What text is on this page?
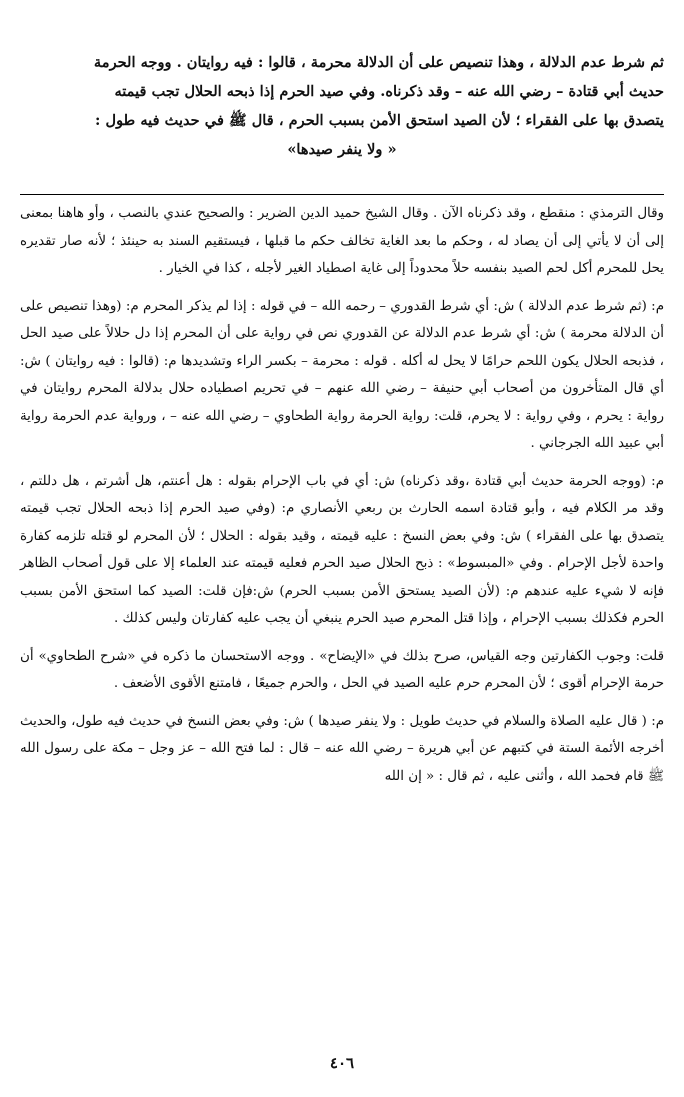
ثم شرط عدم الدلالة ، وهذا تنصيص على أن الدلالة محرمة ، قالوا : فيه روايتان . ووجه الحرمة
حديث أبي قتادة – رضي الله عنه – وقد ذكرناه. وفي صيد الحرم إذا ذبحه الحلال تجب قيمته
يتصدق بها على الفقراء ؛ لأن الصيد استحق الأمن بسبب الحرم ، قال ﷺ في حديث فيه طول :
« ولا ينفر صيدها»

وقال الترمذي : منقطع ، وقد ذكرناه الآن . وقال الشيخ حميد الدين الضرير : والصحيح عندي بالنصب ، وأو هاهنا بمعنى إلى أن لا يأتي إلى أن يصاد له ، وحكم ما بعد الغاية تخالف حكم ما قبلها ، فيستقيم السند به حينئذ ؛ لأنه صار تقديره يحل للمحرم أكل لحم الصيد بنفسه حلاً محدوداً إلى غاية اصطياد الغير لأجله ، كذا في الخيار .

م: (ثم شرط عدم الدلالة ) ش: أي شرط القدوري – رحمه الله – في قوله : إذا لم يذكر المحرم م: (وهذا تنصيص على أن الدلالة محرمة ) ش: أي شرط عدم الدلالة عن القدوري نص في رواية على أن المحرم إذا دل حلالاً على صيد الحل ، فذبحه الحلال يكون اللحم حرامًا لا يحل له أكله . قوله : محرمة – بكسر الراء وتشديدها م: (قالوا : فيه روايتان ) ش: أي قال المتأخرون من أصحاب أبي حنيفة – رضي الله عنهم – في تحريم اصطياده حلال بدلالة المحرم روايتان في رواية : يحرم ، وفي رواية : لا يحرم، قلت: رواية الحرمة رواية الطحاوي – رضي الله عنه – ، ورواية عدم الحرمة رواية أبي عبيد الله الجرجاني .

م: (ووجه الحرمة حديث أبي قتادة ،وقد ذكرناه) ش: أي في باب الإحرام بقوله : هل أعنتم، هل أشرتم ، هل دللتم ، وقد مر الكلام فيه ، وأبو قتادة اسمه الحارث بن ربعي الأنصاري م: (وفي صيد الحرم إذا ذبحه الحلال تجب قيمته يتصدق بها على الفقراء ) ش: وفي بعض النسخ : عليه قيمته ، وقيد بقوله : الحلال ؛ لأن المحرم لو قتله تلزمه كفارة واحدة لأجل الإحرام . وفي «المبسوط» : ذبح الحلال صيد الحرم فعليه قيمته عند العلماء إلا على قول أصحاب الظاهر فإنه لا شيء عليه عندهم م: (لأن الصيد يستحق الأمن بسبب الحرم) ش:فإن قلت: الصيد كما استحق الأمن بسبب الحرم فكذلك بسبب الإحرام ، وإذا قتل المحرم صيد الحرم ينبغي أن يجب عليه كفارتان وليس كذلك .

قلت: وجوب الكفارتين وجه القياس، صرح بذلك في «الإيضاح» . ووجه الاستحسان ما ذكره في «شرح الطحاوي» أن حرمة الإحرام أقوى ؛ لأن المحرم حرم عليه الصيد في الحل ، والحرم جميعًا ، فامتنع الأقوى الأضعف .

م: ( قال عليه الصلاة والسلام في حديث طويل : ولا ينفر صيدها ) ش: وفي بعض النسخ في حديث فيه طول، والحديث أخرجه الأئمة الستة في كتبهم عن أبي هريرة – رضي الله عنه – قال : لما فتح الله – عز وجل – مكة على رسول الله ﷺ قام فحمد الله ، وأثنى عليه ، ثم قال : « إن الله

٤٠٦
